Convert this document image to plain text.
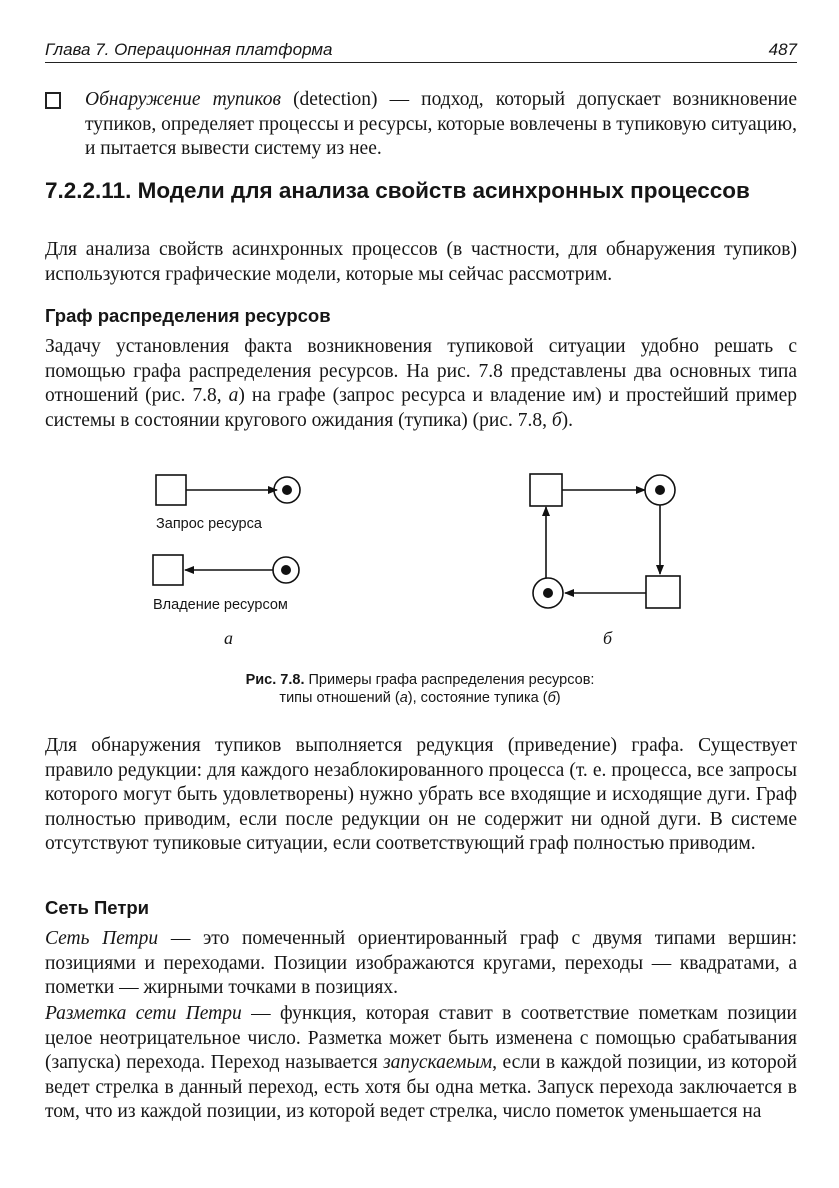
Глава 7. Операционная платформа	487
Обнаружение тупиков (detection) — подход, который допускает возникновение тупиков, определяет процессы и ресурсы, которые вовлечены в тупиковую ситуацию, и пытается вывести систему из нее.
7.2.2.11. Модели для анализа свойств асинхронных процессов
Для анализа свойств асинхронных процессов (в частности, для обнаружения тупиков) используются графические модели, которые мы сейчас рассмотрим.
Граф распределения ресурсов
Задачу установления факта возникновения тупиковой ситуации удобно решать с помощью графа распределения ресурсов. На рис. 7.8 представлены два основных типа отношений (рис. 7.8, а) на графе (запрос ресурса и владение им) и простейший пример системы в состоянии кругового ожидания (тупика) (рис. 7.8, б).
Запрос ресурса
Владение ресурсом
а	б
Рис. 7.8. Примеры графа распределения ресурсов:
типы отношений (а), состояние тупика (б)
Для обнаружения тупиков выполняется редукция (приведение) графа. Существует правило редукции: для каждого незаблокированного процесса (т. е. процесса, все запросы которого могут быть удовлетворены) нужно убрать все входящие и исходящие дуги. Граф полностью приводим, если после редукции он не содержит ни одной дуги. В системе отсутствуют тупиковые ситуации, если соответствующий граф полностью приводим.
Сеть Петри
Сеть Петри — это помеченный ориентированный граф с двумя типами вершин: позициями и переходами. Позиции изображаются кругами, переходы — квадратами, а пометки — жирными точками в позициях.
Разметка сети Петри — функция, которая ставит в соответствие пометкам позиции целое неотрицательное число. Разметка может быть изменена с помощью срабатывания (запуска) перехода. Переход называется запускаемым, если в каждой позиции, из которой ведет стрелка в данный переход, есть хотя бы одна метка. Запуск перехода заключается в том, что из каждой позиции, из которой ведет стрелка, число пометок уменьшается на
